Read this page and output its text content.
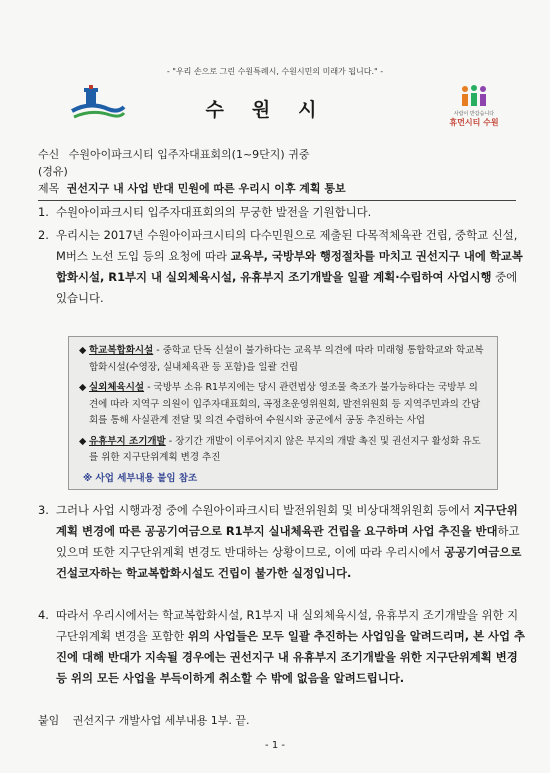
- "우리 손으로 그린 수원특례시, 수원시민의 미래가 됩니다." -
수원시	사람이 반갑습니다
휴먼시티 수원
수신 수원아이파크시티 입주자대표회의(1~9단지) 귀중
(경유)
제목 권선지구 내 사업 반대 민원에 따른 우리시 이후 계획 통보
1. 수원아이파크시티 입주자대표회의의 무궁한 발전을 기원합니다.
2. 우리시는 2017년 수원아이파크시티의 다수민원으로 제출된 다목적체육관 건립, 중학교 신설, M버스 노선 도입 등의 요청에 따라 교육부, 국방부와 행정절차를 마치고 권선지구 내에 학교복합화시설, R1부지 내 실외체육시설, 유휴부지 조기개발을 일괄 계획·수립하여 사업시행 중에 있습니다.
◆ 학교복합화시설 - 중학교 단독 신설이 불가하다는 교육부 의견에 따라 미래형 통합학교와 학교복합화시설(수영장, 실내체육관 등 포함)을 일괄 건립
◆ 실외체육시설 - 국방부 소유 R1부지에는 당시 관련법상 영조물 축조가 불가능하다는 국방부 의견에 따라 지역구 의원이 입주자대표회의, 곡정초운영위원회, 발전위원회 등 지역주민과의 간담회를 통해 사실관계 전달 및 의견 수렴하여 수원시와 공군에서 공동 추진하는 사업
◆ 유휴부지 조기개발 - 장기간 개발이 이루어지지 않은 부지의 개발 촉진 및 권선지구 활성화 유도를 위한 지구단위계획 변경 추진
※ 사업 세부내용 붙임 참조
3. 그러나 사업 시행과정 중에 수원아이파크시티 발전위원회 및 비상대책위원회 등에서 지구단위계획 변경에 따른 공공기여금으로 R1부지 실내체육관 건립을 요구하며 사업 추진을 반대하고 있으며 또한 지구단위계획 변경도 반대하는 상황이므로, 이에 따라 우리시에서 공공기여금으로 건설코자하는 학교복합화시설도 건립이 불가한 실정입니다.
4. 따라서 우리시에서는 학교복합화시설, R1부지 내 실외체육시설, 유휴부지 조기개발을 위한 지구단위계획 변경을 포함한 위의 사업들은 모두 일괄 추진하는 사업임을 알려드리며, 본 사업 추진에 대해 반대가 지속될 경우에는 권선지구 내 유휴부지 조기개발을 위한 지구단위계획 변경 등 위의 모든 사업을 부득이하게 취소할 수 밖에 없음을 알려드립니다.
붙임 권선지구 개발사업 세부내용 1부. 끝.
- 1 -
